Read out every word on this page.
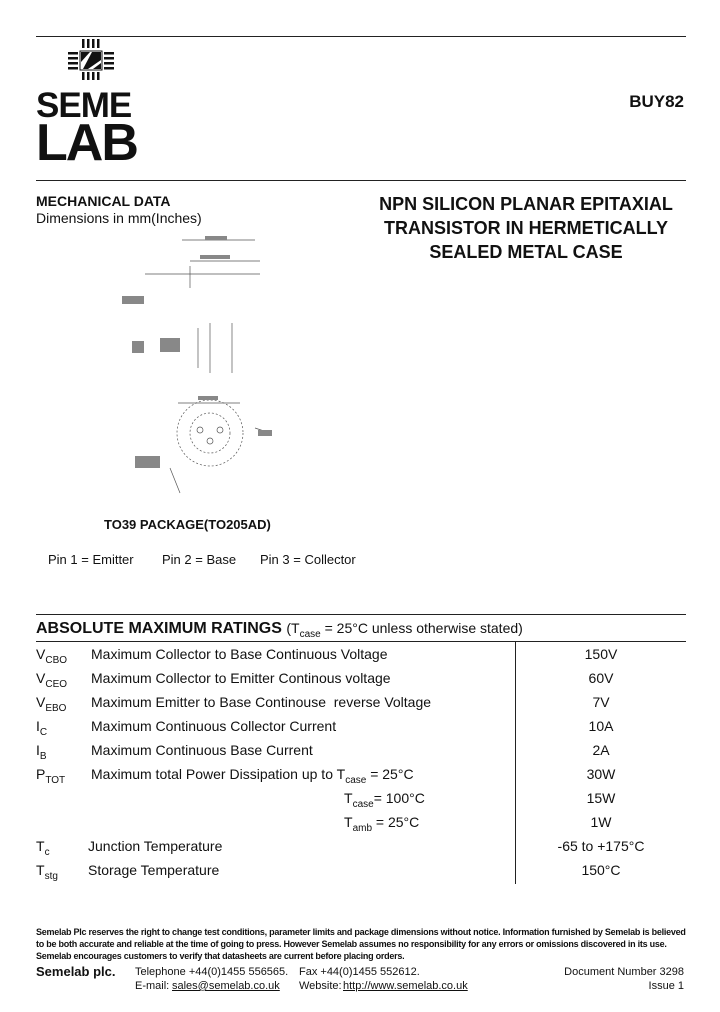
SEME
LAB
BUY82
MECHANICAL DATA
Dimensions in mm(Inches)
NPN SILICON PLANAR EPITAXIAL
TRANSISTOR IN HERMETICALLY
SEALED METAL CASE
TO39 PACKAGE(TO205AD)
Pin 1 = Emitter Pin 2 = Base Pin 3 = Collector
ABSOLUTE MAXIMUM RATINGS ($T_{case} = 25^\circ C$ unless otherwise stated)
$V_{CBO}$ Maximum Collector to Base Continuous Voltage	150V
$V_{CEO}$ Maximum Collector to Emitter Continous voltage	60V
$V_{EBO}$ Maximum Emitter to Base Continouse  reverse Voltage	7V
$I_C$	Maximum Continuous Collector Current	10A
$I_B$	Maximum Continuous Base Current	2A
$P_{TOT}$ Maximum total Power Dissipation up to $T_{case} = 25^\circ C$	30W
$T_{case}= 100^\circ C$	15W
$T_{amb} = 25^\circ C$	1W
$T_c$	Junction Temperature	-65 to +175°C
$T_{stg}$ Storage Temperature	150°C
Semelab Plc reserves the right to change test conditions, parameter limits and package dimensions without notice. Information furnished by Semelab is believed
to be both accurate and reliable at the time of going to press. However Semelab assumes no responsibility for any errors or omissions discovered in its use.
Semelab encourages customers to verify that datasheets are current before placing orders.
Semelab plc. Telephone +44(0)1455 556565. Fax +44(0)1455 552612.
E-mail: sales@semelab.co.uk Website: http://www.semelab.co.uk
Document Number 3298
Issue 1
